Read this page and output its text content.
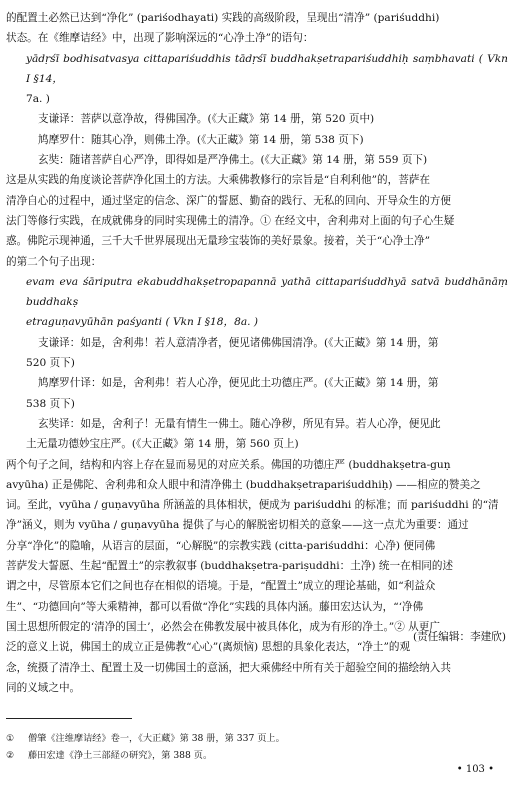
的配置土必然已达到“净化” (pariśodhayati) 实践的高级阶段，呈现出“清净” (pariśuddhi)

状态。在《维摩诘经》中，出现了影响深远的“心净土净”的语句：

yādṛśī bodhisatvasya cittapariśuddhis tādṛśī buddhakṣetrapariśuddhiḥ saṃbhavati ( Vkn I §14，

7a. )

支谦译：菩萨以意净故，得佛国净。(《大正藏》第 14 册，第 520 页中)

鸠摩罗什：随其心净，则佛土净。(《大正藏》第 14 册，第 538 页下)

玄奘：随诸菩萨自心严净，即得如是严净佛土。(《大正藏》第 14 册，第 559 页下)

这是从实践的角度谈论菩萨净化国土的方法。大乘佛教修行的宗旨是“自利利他”的，菩萨在

清净自心的过程中，通过坚定的信念、深广的誓愿、勤奋的践行、无私的回向、开导众生的方便

法门等修行实践，在成就佛身的同时实现佛土的清净。① 在经文中，舍利弗对上面的句子心生疑

惑。佛陀示现神通，三千大千世界展现出无量珍宝装饰的美好景象。接着，关于“心净土净”

的第二个句子出现：

evam eva śāriputra ekabuddhakṣetropapannā yathā cittapariśuddhyā satvā buddhānāṃ buddhakṣ

etraguṇavyūhān paśyanti ( Vkn I §18，8a. )

支谦译：如是，舍利弗！若人意清净者，便见诸佛佛国清净。(《大正藏》第 14 册，第

520 页下)

鸠摩罗什译：如是，舍利弗！若人心净，便见此土功德庄严。(《大正藏》第 14 册，第

538 页下)

玄奘译：如是，舍利子！无量有情生一佛土。随心净秽，所见有异。若人心净，便见此

土无量功德妙宝庄严。(《大正藏》第 14 册，第 560 页上)

两个句子之间，结构和内容上存在显而易见的对应关系。佛国的功德庄严 (buddhakṣetra-guṇ

avyūha) 正是佛陀、舍利弗和众人眼中和清净佛土 (buddhakṣetrapariśuddhiḥ) ——相应的赞美之

词。至此，vyūha / guṇavyūha 所涵盖的具体相状，便成为 pariśuddhi 的标准；而 pariśuddhi 的“清

净”涵义，则为 vyūha / guṇavyūha 提供了与心的解脱密切相关的意象——这一点尤为重要：通过

分享“净化”的隐喻，从语言的层面，“心解脱”的宗教实践 (citta-pariśuddhi：心净) 便同佛

菩萨发大誓愿、生起“配置土”的宗教叙事 (buddhakṣetra-pariṣuddhi：土净) 统一在相同的述

谓之中，尽管原本它们之间也存在相似的语境。于是，“配置土”成立的理论基础，如“利益众

生”、“功德回向”等大乘精神，都可以看做“净化”实践的具体内涵。藤田宏达认为，“‘净佛

国土思想所假定的‘清净的国土’，必然会在佛教发展中被具体化，成为有形的净土。”② 从更广

泛的意义上说，佛国土的成立正是佛教“心心”(离烦恼) 思想的具象化表达，“净土”的观

念，统摄了清净土、配置土及一切佛国土的意涵，把大乘佛经中所有关于超验空间的描绘纳入共

同的义域之中。

(责任编辑：李建欣)
① 僧肇《注维摩诘经》卷一，《大正藏》第 38 册，第 337 页上。
② 藤田宏達《浄土三部経の研究》，第 388 页。
• 103 •
